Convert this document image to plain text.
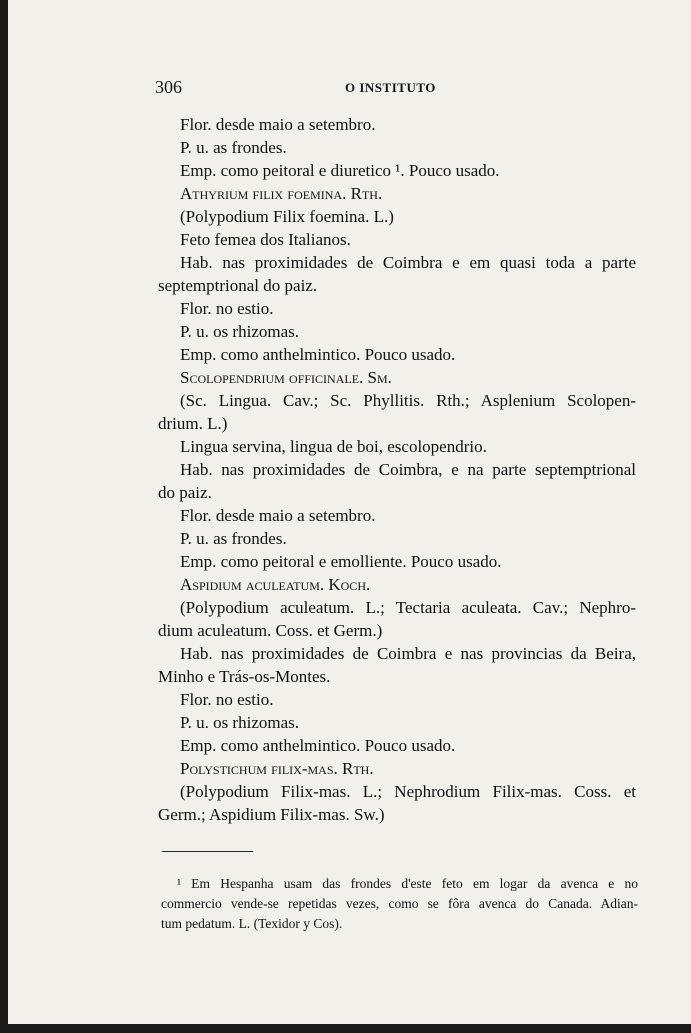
306	O INSTITUTO
Flor. desde maio a setembro.
P. u. as frondes.
Emp. como peitoral e diuretico ¹. Pouco usado.
Athyrium filix foemina. Rth.
(Polypodium Filix foemina. L.)
Feto femea dos Italianos.
Hab. nas proximidades de Coimbra e em quasi toda a parte
septemptrional do paiz.
Flor. no estio.
P. u. os rhizomas.
Emp. como anthelmintico. Pouco usado.
Scolopendrium officinale. Sm.
(Sc. Lingua. Cav.; Sc. Phyllitis. Rth.; Asplenium Scolopen-
drium. L.)
Lingua servina, lingua de boi, escolopendrio.
Hab. nas proximidades de Coimbra, e na parte septemptrional
do paiz.
Flor. desde maio a setembro.
P. u. as frondes.
Emp. como peitoral e emolliente. Pouco usado.
Aspidium aculeatum. Koch.
(Polypodium aculeatum. L.; Tectaria aculeata. Cav.; Nephro-
dium aculeatum. Coss. et Germ.)
Hab. nas proximidades de Coimbra e nas provincias da Beira,
Minho e Trás-os-Montes.
Flor. no estio.
P. u. os rhizomas.
Emp. como anthelmintico. Pouco usado.
Polystichum filix-mas. Rth.
(Polypodium Filix-mas. L.; Nephrodium Filix-mas. Coss. et
Germ.; Aspidium Filix-mas. Sw.)
¹ Em Hespanha usam das frondes d'este feto em logar da avenca e no
commercio vende-se repetidas vezes, como se fôra avenca do Canada. Adian-
tum pedatum. L. (Texidor y Cos).
